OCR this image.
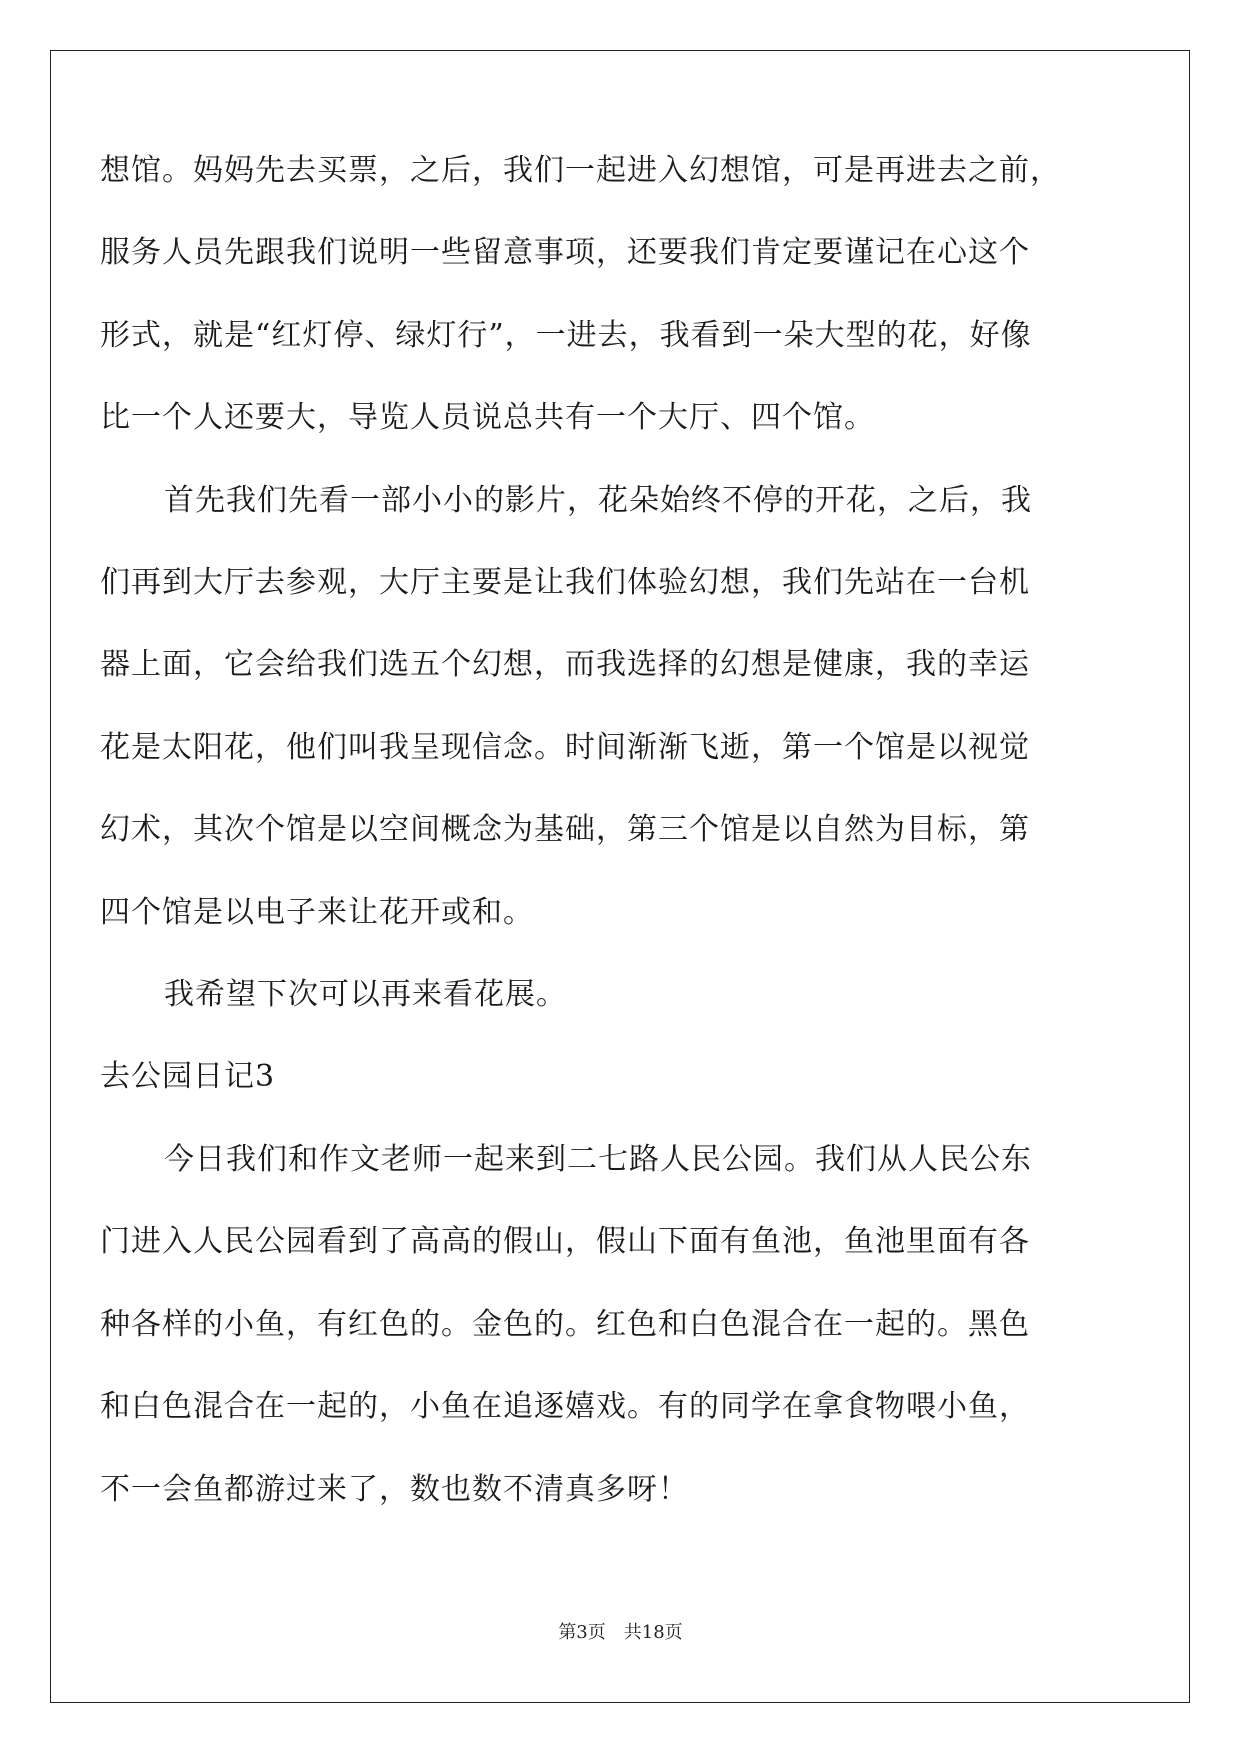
想馆。妈妈先去买票，之后，我们一起进入幻想馆，可是再进去之前，

服务人员先跟我们说明一些留意事项，还要我们肯定要谨记在心这个

形式，就是“红灯停、绿灯行”，一进去，我看到一朵大型的花，好像

比一个人还要大，导览人员说总共有一个大厅、四个馆。

首先我们先看一部小小的影片，花朵始终不停的开花，之后，我

们再到大厅去参观，大厅主要是让我们体验幻想，我们先站在一台机

器上面，它会给我们选五个幻想，而我选择的幻想是健康，我的幸运

花是太阳花，他们叫我呈现信念。时间渐渐飞逝，第一个馆是以视觉

幻术，其次个馆是以空间概念为基础，第三个馆是以自然为目标，第

四个馆是以电子来让花开或和。

我希望下次可以再来看花展。

去公园日记3

今日我们和作文老师一起来到二七路人民公园。我们从人民公东

门进入人民公园看到了高高的假山，假山下面有鱼池，鱼池里面有各

种各样的小鱼，有红色的。金色的。红色和白色混合在一起的。黑色

和白色混合在一起的，小鱼在追逐嬉戏。有的同学在拿食物喂小鱼，

不一会鱼都游过来了，数也数不清真多呀！

第3页　共18页
